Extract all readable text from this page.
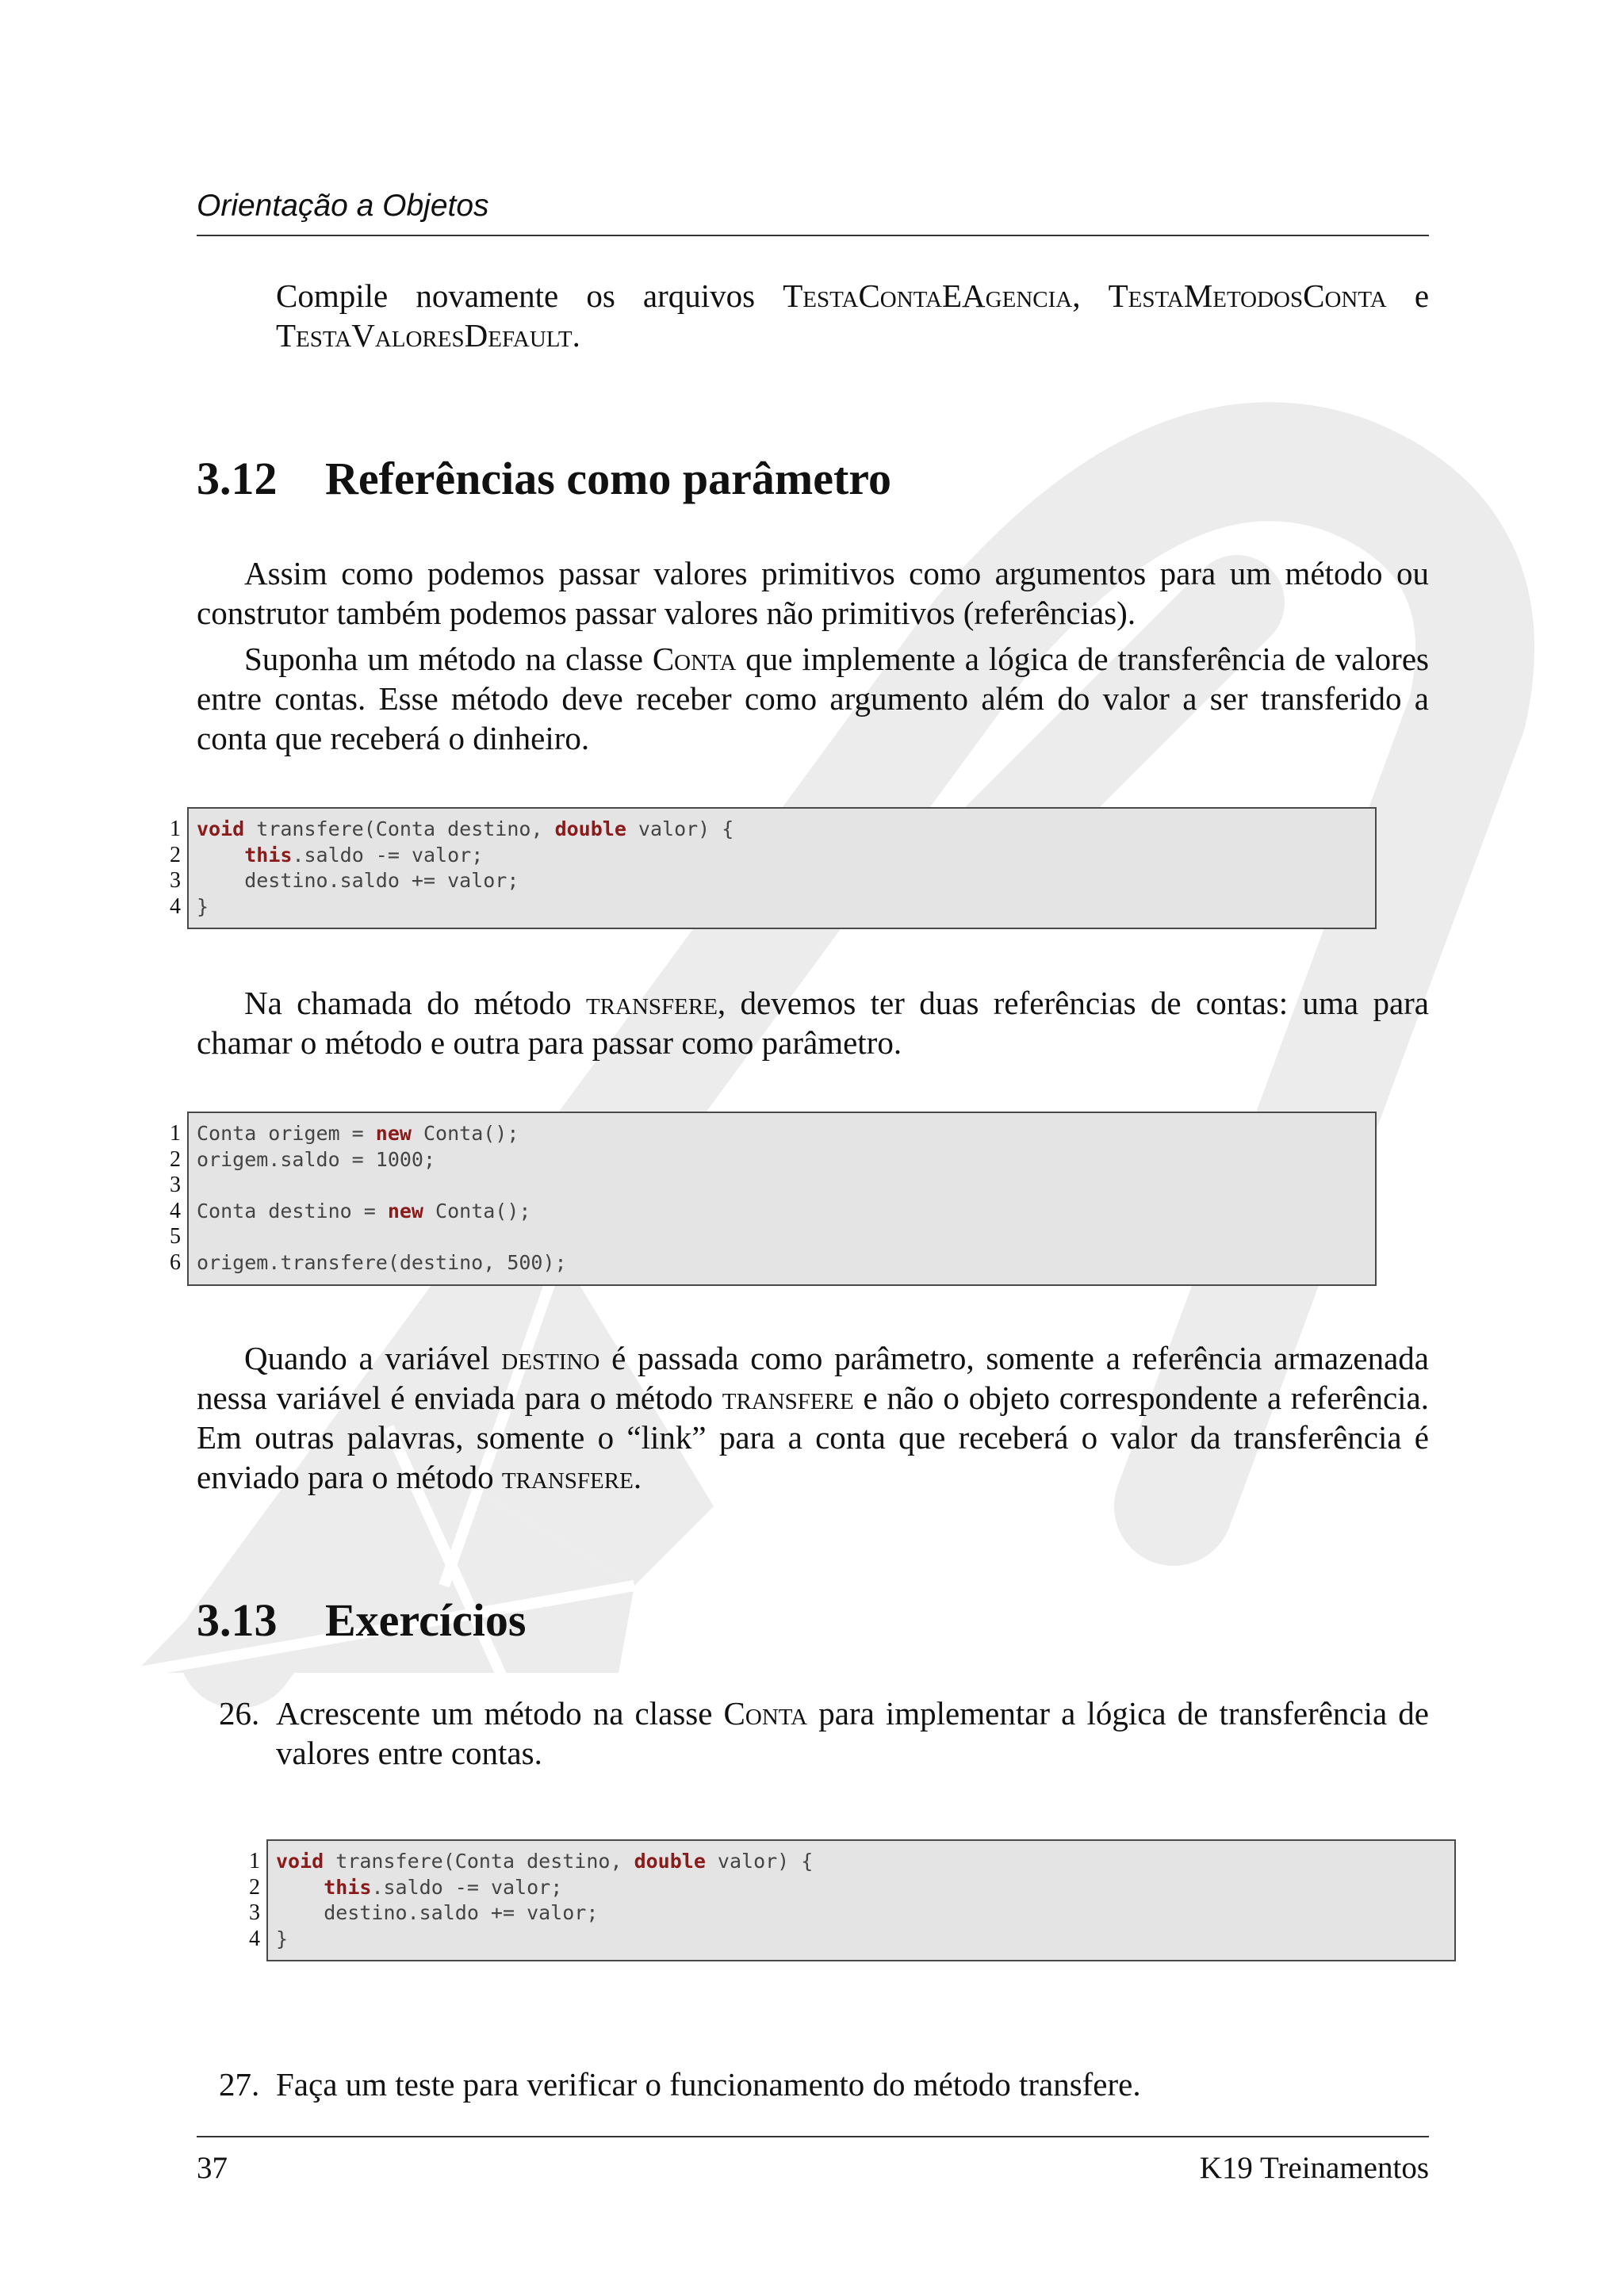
Orientação a Objetos
Compile novamente os arquivos TestaContaEAgencia, TestaMetodosConta e TestaValoresDefault.
3.12 Referências como parâmetro
Assim como podemos passar valores primitivos como argumentos para um método ou construtor também podemos passar valores não primitivos (referências).
Suponha um método na classe Conta que implemente a lógica de transferência de valores entre contas. Esse método deve receber como argumento além do valor a ser transferido a conta que receberá o dinheiro.
1
2
3
4
void transfere(Conta destino, double valor) {
this.saldo -= valor;
destino.saldo += valor;
}
Na chamada do método transfere, devemos ter duas referências de contas: uma para chamar o método e outra para passar como parâmetro.
1
2
3
4
5
6
Conta origem = new Conta();
origem.saldo = 1000;
Conta destino = new Conta();
origem.transfere(destino, 500);
Quando a variável destino é passada como parâmetro, somente a referência armazenada nessa variável é enviada para o método transfere e não o objeto correspondente a referência. Em outras palavras, somente o “link” para a conta que receberá o valor da transferência é enviado para o método transfere.
3.13 Exercícios
26. Acrescente um método na classe Conta para implementar a lógica de transferência de valores entre contas.
1
2
3
4
void transfere(Conta destino, double valor) {
this.saldo -= valor;
destino.saldo += valor;
}
27. Faça um teste para verificar o funcionamento do método transfere.
37	K19 Treinamentos
